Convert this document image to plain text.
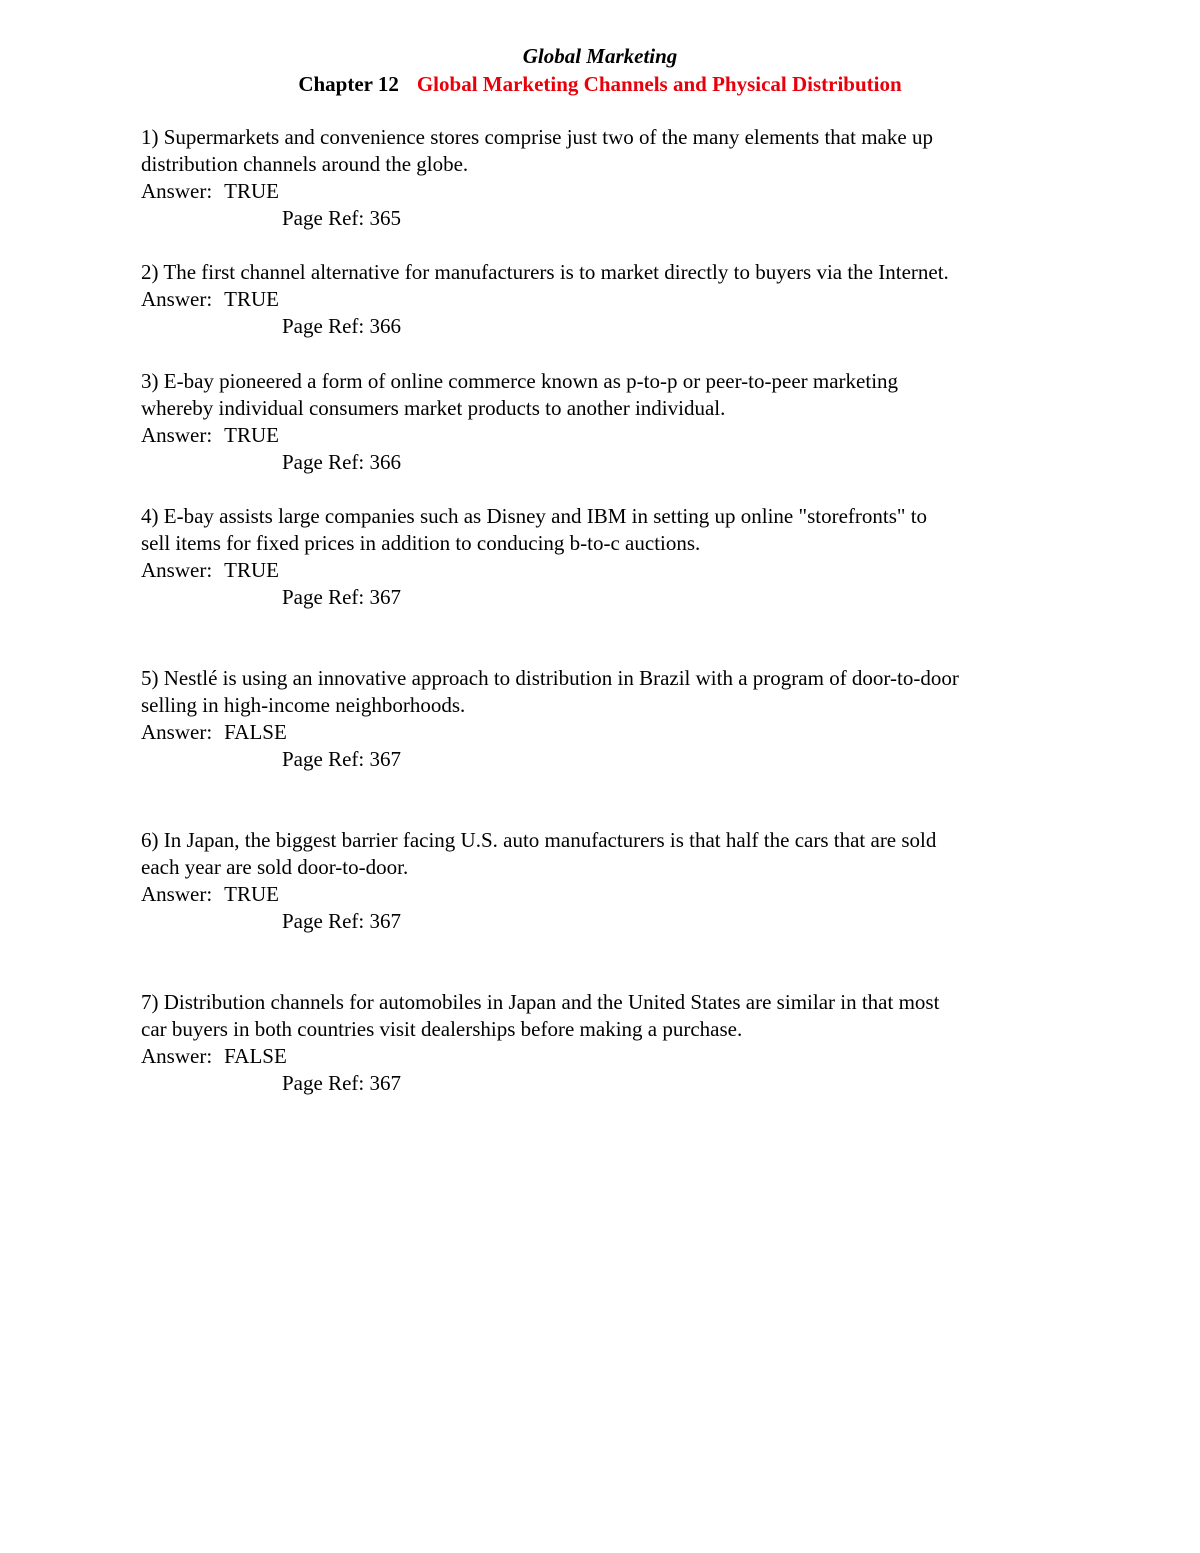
Global Marketing
Chapter 12 Global Marketing Channels and Physical Distribution
1) Supermarkets and convenience stores comprise just two of the many elements that make up
distribution channels around the globe.
Answer: TRUE
Page Ref: 365
2) The first channel alternative for manufacturers is to market directly to buyers via the Internet.
Answer: TRUE
Page Ref: 366
3) E-bay pioneered a form of online commerce known as p-to-p or peer-to-peer marketing
whereby individual consumers market products to another individual.
Answer: TRUE
Page Ref: 366
4) E-bay assists large companies such as Disney and IBM in setting up online "storefronts" to
sell items for fixed prices in addition to conducing b-to-c auctions.
Answer: TRUE
Page Ref: 367
5) Nestlé is using an innovative approach to distribution in Brazil with a program of door-to-door
selling in high-income neighborhoods.
Answer: FALSE
Page Ref: 367
6) In Japan, the biggest barrier facing U.S. auto manufacturers is that half the cars that are sold
each year are sold door-to-door.
Answer: TRUE
Page Ref: 367
7) Distribution channels for automobiles in Japan and the United States are similar in that most
car buyers in both countries visit dealerships before making a purchase.
Answer: FALSE
Page Ref: 367
